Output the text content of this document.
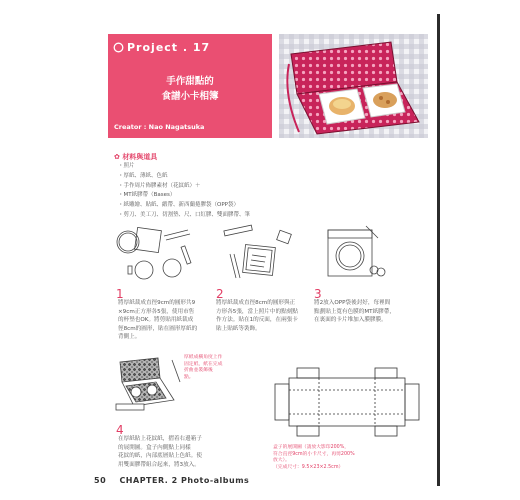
Project . 17
手作甜點的
食譜小卡相簿
Creator : Nao Nagatsuka
✿ 材料與道具
・照片
・厚紙、薄紙、色紙
・手作周片佈膠素材（花紋紙）＋
・MT紙膠帶（Bases）
・紙雕繪、貼紙、緞帶、新西蘭捲膠袋（OPP袋）
・剪刀、美工刀、切割墊、尺、口紅膠、雙面膠帶、筆
1
將厚紙裁成直徑9cm的圓形共9
×9cm正方形各5張，使用市售
的杯墊也OK。將剪貼用紙裁成
徑8cm的圓形，貼在圓形厚紙的
背側上。
2
將厚紙裁成直徑8cm的圓形與正
方形各5張，當上照片中的點刻點
作方法。貼在1的反面，在兩張卡
貼上貼紙等裝飾。
3
將2放入OPP袋後封好，每裡間
點劃貼上寬有色膜的MT紙膠帶，
在裏面的卡片堆加入膜膠膜。
厚紙成橫角度上作
固定紙，紙在完成
折曲並裝飾後
點。
4
在厚紙貼上花紋紙，摺着右邊箱子
的展開圖。盒子內側點上同樣
花紋的紙，內部底層貼上色紙。使
用雙面膠帶組合起來，將3放入。
盒子的展開圖（請放大影印200%，
符合直徑9cm的小卡尺寸，再剪200%
放大）。
（完成尺寸：9.5×23×2.5cm）
50 CHAPTER. 2 Photo-albums
